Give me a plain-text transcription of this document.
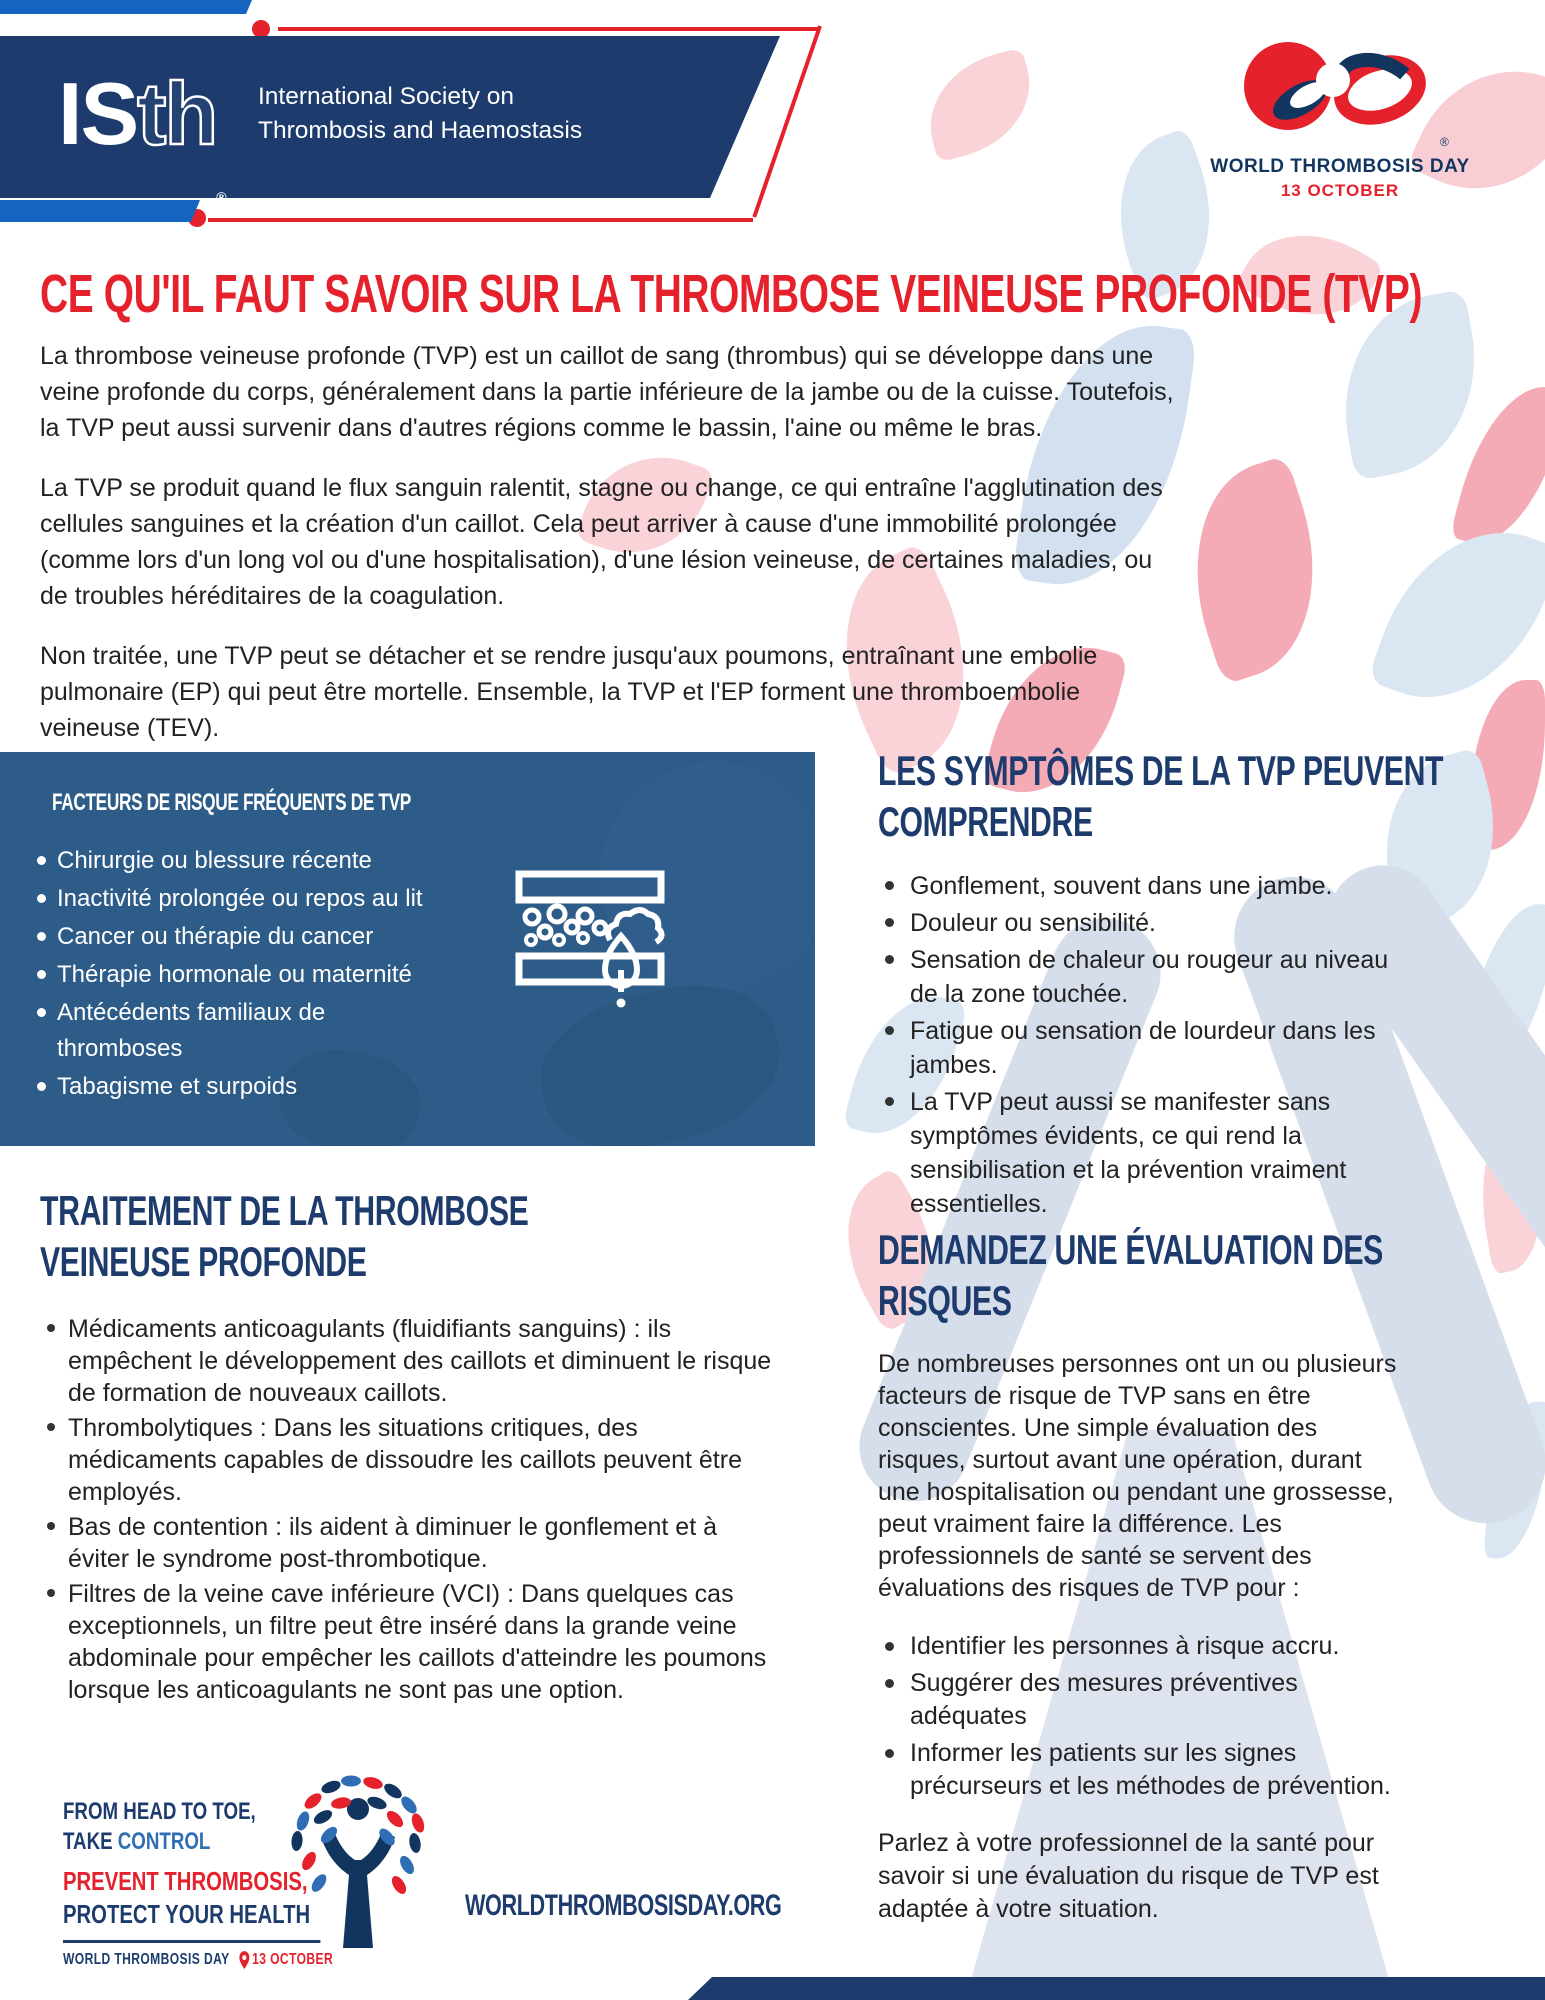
ISth$_®$
International Society on
Thrombosis and Haemostasis	®
WORLD THROMBOSIS DAY
13 OCTOBER
CE QU'IL FAUT SAVOIR SUR LA THROMBOSE VEINEUSE PROFONDE (TVP)

La thrombose veineuse profonde (TVP) est un caillot de sang (thrombus) qui se développe dans une veine profonde du corps, généralement dans la partie inférieure de la jambe ou de la cuisse. Toutefois, la TVP peut aussi survenir dans d'autres régions comme le bassin, l'aine ou même le bras.

La TVP se produit quand le flux sanguin ralentit, stagne ou change, ce qui entraîne l'agglutination des cellules sanguines et la création d'un caillot. Cela peut arriver à cause d'une immobilité prolongée (comme lors d'un long vol ou d'une hospitalisation), d'une lésion veineuse, de certaines maladies, ou de troubles héréditaires de la coagulation.

Non traitée, une TVP peut se détacher et se rendre jusqu'aux poumons, entraînant une embolie pulmonaire (EP) qui peut être mortelle. Ensemble, la TVP et l'EP forment une thromboembolie veineuse (TEV).

FACTEURS DE RISQUE FRÉQUENTS DE TVP
Chirurgie ou blessure récente
Inactivité prolongée ou repos au lit
Cancer ou thérapie du cancer
Thérapie hormonale ou maternité
Antécédents familiaux de thromboses
Tabagisme et surpoids
LES SYMPTÔMES DE LA TVP PEUVENT COMPRENDRE
Gonflement, souvent dans une jambe.
Douleur ou sensibilité.
Sensation de chaleur ou rougeur au niveau de la zone touchée.
Fatigue ou sensation de lourdeur dans les jambes.
La TVP peut aussi se manifester sans symptômes évidents, ce qui rend la sensibilisation et la prévention vraiment essentielles.
TRAITEMENT DE LA THROMBOSE VEINEUSE PROFONDE
Médicaments anticoagulants (fluidifiants sanguins) : ils empêchent le développement des caillots et diminuent le risque de formation de nouveaux caillots.
Thrombolytiques : Dans les situations critiques, des médicaments capables de dissoudre les caillots peuvent être employés.
Bas de contention : ils aident à diminuer le gonflement et à éviter le syndrome post-thrombotique.
Filtres de la veine cave inférieure (VCI) : Dans quelques cas exceptionnels, un filtre peut être inséré dans la grande veine abdominale pour empêcher les caillots d'atteindre les poumons lorsque les anticoagulants ne sont pas une option.
DEMANDEZ UNE ÉVALUATION DES RISQUES
De nombreuses personnes ont un ou plusieurs facteurs de risque de TVP sans en être conscientes. Une simple évaluation des risques, surtout avant une opération, durant une hospitalisation ou pendant une grossesse, peut vraiment faire la différence. Les professionnels de santé se servent des évaluations des risques de TVP pour :
Identifier les personnes à risque accru.
Suggérer des mesures préventives adéquates
Informer les patients sur les signes précurseurs et les méthodes de prévention.
Parlez à votre professionnel de la santé pour savoir si une évaluation du risque de TVP est adaptée à votre situation.
FROM HEAD TO TOE,
TAKE CONTROL
PREVENT THROMBOSIS,
PROTECT YOUR HEALTH
WORLD THROMBOSIS DAY 13 OCTOBER
WORLDTHROMBOSISDAY.ORG
